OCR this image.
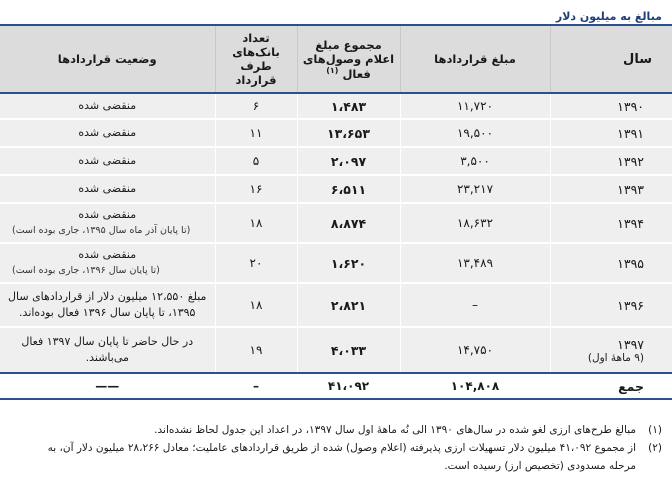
مبالغ به میلیون دلار
سال	مبلغ قراردادها	مجموع مبلغ اعلام وصول‌های فعال $^{(۱)}$	تعداد بانک‌های طرف قرارداد	وضعیت قراردادها
۱۳۹۰	۱۱,۷۲۰	۱،۴۸۳	۶	منقضی شده
۱۳۹۱	۱۹,۵۰۰	۱۳،۶۵۳	۱۱	منقضی شده
۱۳۹۲	۳,۵۰۰	۲،۰۹۷	۵	منقضی شده
۱۳۹۳	۲۳,۲۱۷	۶،۵۱۱	۱۶	منقضی شده
۱۳۹۴	۱۸,۶۳۲	۸،۸۷۴	۱۸	منقضی شده
(تا پایان آذر ماه سال ۱۳۹۵، جاری بوده است)

۱۳۹۵	۱۳,۴۸۹	۱،۶۲۰	۲۰	منقضی شده
(تا پایان سال ۱۳۹۶، جاری بوده است)

۱۳۹۶	–	۲،۸۲۱	۱۸	مبلغ ۱۲،۵۵۰ میلیون دلار از قراردادهای سال ۱۳۹۵، تا پایان سال ۱۳۹۶ فعال بوده‌اند.
۱۳۹۷
(۹ ماهۀ اول)	۱۴,۷۵۰	۴،۰۳۳	۱۹	در حال حاضر تا پایان سال ۱۳۹۷ فعال می‌باشند.
جمع	۱۰۴,۸۰۸	۴۱،۰۹۲	–	——
(۱)
مبالغ طرح‌های ارزی لغو شده در سال‌های ۱۳۹۰ الی نُه ماهۀ اول سال ۱۳۹۷، در اعداد این جدول لحاظ نشده‌اند.
(۲)
از مجموع ۴۱،۰۹۲ میلیون دلار تسهیلات ارزی پذیرفته (اعلام وصول) شده از طریق قراردادهای عاملیت؛ معادل ۲۸،۲۶۶ میلیون دلار آن، به مرحله مسدودی (تخصیص ارز) رسیده است.
